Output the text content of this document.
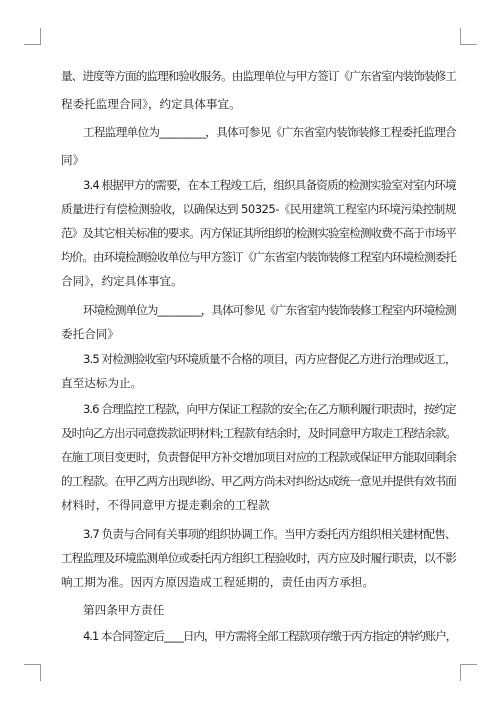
量、进度等方面的监理和验收服务。由监理单位与甲方签订《广东省室内装饰装修工
程委托监理合同》，约定具体事宜。
工程监理单位为_________，具体可参见《广东省室内装饰装修工程委托监理合
同》
3.4 根据甲方的需要，在本工程竣工后，组织具备资质的检测实验室对室内环境
质量进行有偿检测验收，以确保达到 50325-《民用建筑工程室内环境污染控制规
范》及其它相关标准的要求。丙方保证其所组织的检测实验室检测收费不高于市场平
均价。由环境检测验收单位与甲方签订《广东省室内装饰装修工程室内环境检测委托
合同》，约定具体事宜。
环境检测单位为_________，具体可参见《广东省室内装饰装修工程室内环境检测
委托合同》
3.5 对检测验收室内环境质量不合格的项目，丙方应督促乙方进行治理或返工，
直至达标为止。
3.6 合理监控工程款，向甲方保证工程款的安全;在乙方顺利履行职责时，按约定
及时向乙方出示同意拨款证明材料;工程款有结余时，及时同意甲方取走工程结余款。
在施工项目变更时，负责督促甲方补交增加项目对应的工程款或保证甲方能取回剩余
的工程款。在甲乙两方出现纠纷、甲乙两方尚未对纠纷达成统一意见并提供有效书面
材料时，不得同意甲方提走剩余的工程款
3.7 负责与合同有关事项的组织协调工作。当甲方委托丙方组织相关建材配售、
工程监理及环境监测单位或委托丙方组织工程验收时，丙方应及时履行职责，以不影
响工期为准。因丙方原因造成工程延期的，责任由丙方承担。
第四条甲方责任
4.1 本合同签定后____日内，甲方需将全部工程款项存缴于丙方指定的特约账户，
